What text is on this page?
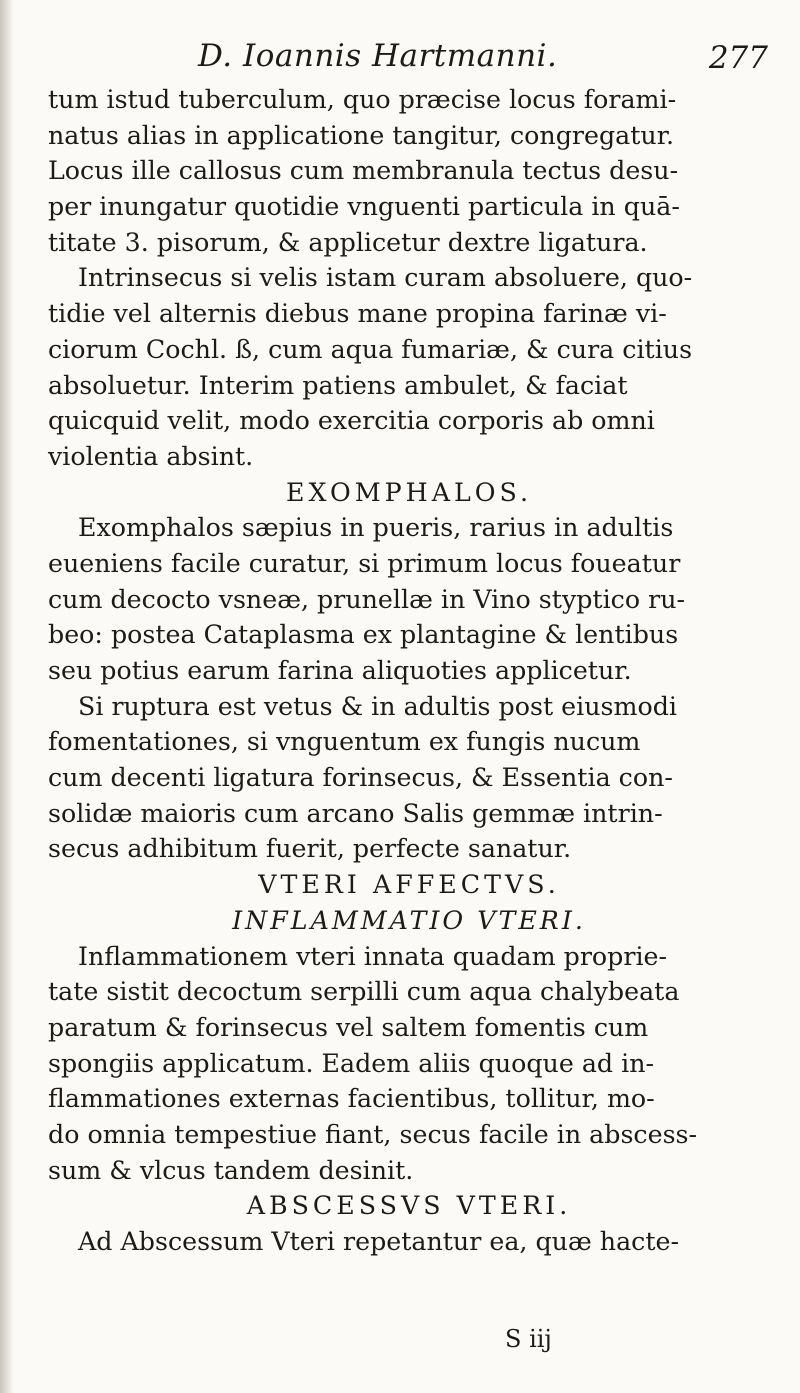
D. Ioannis Hartmanni.	277
tum istud tuberculum, quo præcise locus forami-
natus alias in applicatione tangitur, congregatur.
Locus ille callosus cum membranula tectus desu-
per inungatur quotidie vnguenti particula in quā-
titate 3. pisorum, & applicetur dextre ligatura.
Intrinsecus si velis istam curam absoluere, quo-
tidie vel alternis diebus mane propina farinæ vi-
ciorum Cochl. ß, cum aqua fumariæ, & cura citius
absoluetur. Interim patiens ambulet, & faciat
quicquid velit, modo exercitia corporis ab omni
violentia absint.
EXOMPHALOS.
Exomphalos sæpius in pueris, rarius in adultis
eueniens facile curatur, si primum locus foueatur
cum decocto vsneæ, prunellæ in Vino styptico ru-
beo: postea Cataplasma ex plantagine & lentibus
seu potius earum farina aliquoties applicetur.
Si ruptura est vetus & in adultis post eiusmodi
fomentationes, si vnguentum ex fungis nucum
cum decenti ligatura forinsecus, & Essentia con-
solidæ maioris cum arcano Salis gemmæ intrin-
secus adhibitum fuerit, perfecte sanatur.
VTERI AFFECTVS.
INFLAMMATIO VTERI.
Inflammationem vteri innata quadam proprie-
tate sistit decoctum serpilli cum aqua chalybeata
paratum & forinsecus vel saltem fomentis cum
spongiis applicatum. Eadem aliis quoque ad in-
flammationes externas facientibus, tollitur, mo-
do omnia tempestiue fiant, secus facile in abscess-
sum & vlcus tandem desinit.
ABSCESSVS VTERI.
Ad Abscessum Vteri repetantur ea, quæ hacte-
S iij
